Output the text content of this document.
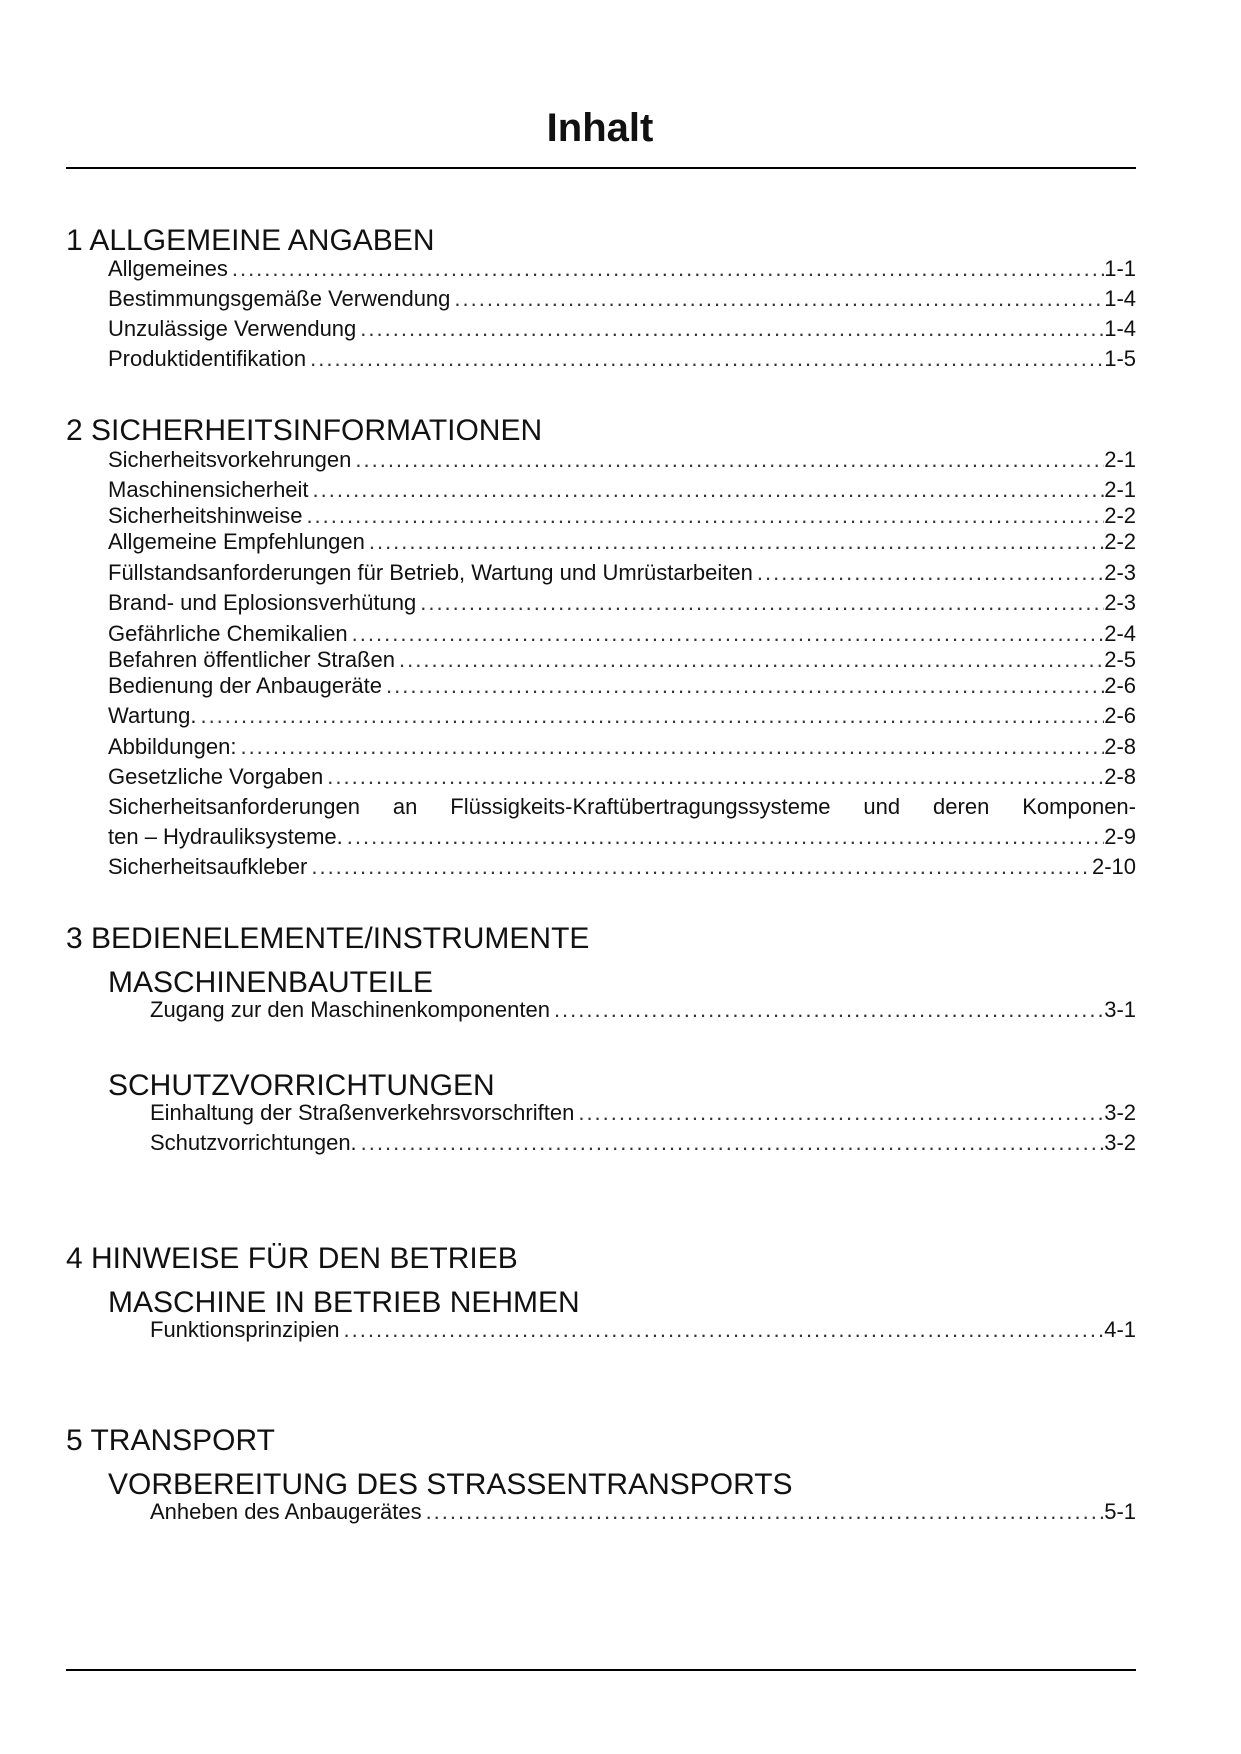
Inhalt
1 ALLGEMEINE ANGABEN
Allgemeines .....	1-1
Bestimmungsgemäße Verwendung .....	1-4
Unzulässige Verwendung .....	1-4
Produktidentifikation .....	1-5
2 SICHERHEITSINFORMATIONEN
Sicherheitsvorkehrungen .....	2-1
Maschinensicherheit .....	2-1
Sicherheitshinweise .....	2-2
Allgemeine Empfehlungen .....	2-2
Füllstandsanforderungen für Betrieb, Wartung und Umrüstarbeiten .....	2-3
Brand- und Eplosionsverhütung .....	2-3
Gefährliche Chemikalien .....	2-4
Befahren öffentlicher Straßen .....	2-5
Bedienung der Anbaugeräte .....	2-6
Wartung. .....	2-6
Abbildungen: .....	2-8
Gesetzliche Vorgaben .....	2-8
Sicherheitsanforderungen an Flüssigkeits-Kraftübertragungssysteme und deren Komponen-
ten – Hydrauliksysteme. .....	2-9
Sicherheitsaufkleber .....	2-10
3 BEDIENELEMENTE/INSTRUMENTE
MASCHINENBAUTEILE
Zugang zur den Maschinenkomponenten .....	3-1
SCHUTZVORRICHTUNGEN
Einhaltung der Straßenverkehrsvorschriften .....	3-2
Schutzvorrichtungen. .....	3-2
4 HINWEISE FÜR DEN BETRIEB
MASCHINE IN BETRIEB NEHMEN
Funktionsprinzipien .....	4-1
5 TRANSPORT
VORBEREITUNG DES STRASSENTRANSPORTS
Anheben des Anbaugerätes .....	5-1
